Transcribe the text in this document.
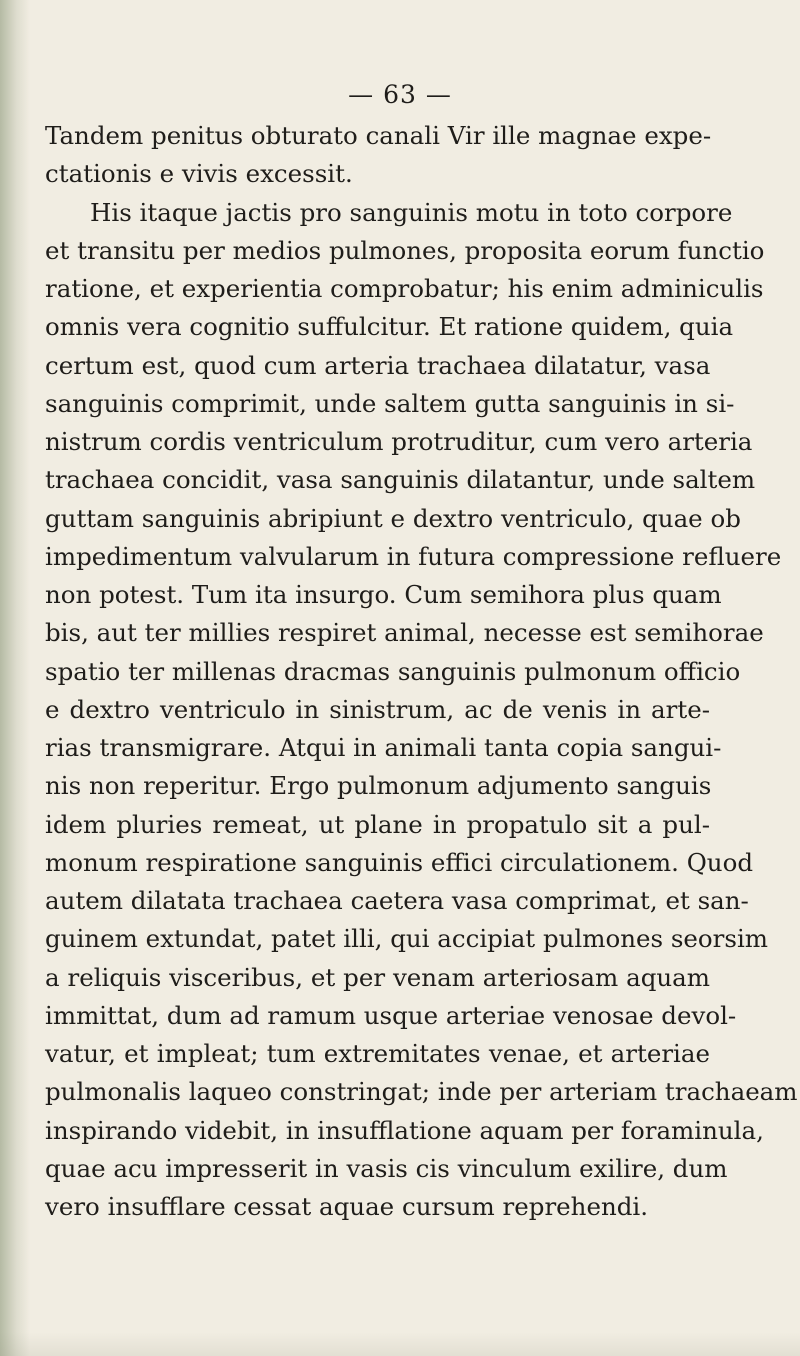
— 63 —

Tandem penitus obturato canali Vir ille magnae expe-
ctationis e vivis excessit.
His itaque jactis pro sanguinis motu in toto corpore
et transitu per medios pulmones, proposita eorum functio
ratione, et experientia comprobatur; his enim adminiculis
omnis vera cognitio suffulcitur. Et ratione quidem, quia
certum est, quod cum arteria trachaea dilatatur, vasa
sanguinis comprimit, unde saltem gutta sanguinis in si-
nistrum cordis ventriculum protruditur, cum vero arteria
trachaea concidit, vasa sanguinis dilatantur, unde saltem
guttam sanguinis abripiunt e dextro ventriculo, quae ob
impedimentum valvularum in futura compressione refluere
non potest. Tum ita insurgo. Cum semihora plus quam
bis, aut ter millies respiret animal, necesse est semihorae
spatio ter millenas dracmas sanguinis pulmonum officio
e dextro ventriculo in sinistrum, ac de venis in arte-
rias transmigrare. Atqui in animali tanta copia sangui-
nis non reperitur. Ergo pulmonum adjumento sanguis
idem pluries remeat, ut plane in propatulo sit a pul-
monum respiratione sanguinis effici circulationem. Quod
autem dilatata trachaea caetera vasa comprimat, et san-
guinem extundat, patet illi, qui accipiat pulmones seorsim
a reliquis visceribus, et per venam arteriosam aquam
immittat, dum ad ramum usque arteriae venosae devol-
vatur, et impleat; tum extremitates venae, et arteriae
pulmonalis laqueo constringat; inde per arteriam trachaeam
inspirando videbit, in insufflatione aquam per foraminula,
quae acu impresserit in vasis cis vinculum exilire, dum
vero insufflare cessat aquae cursum reprehendi.
